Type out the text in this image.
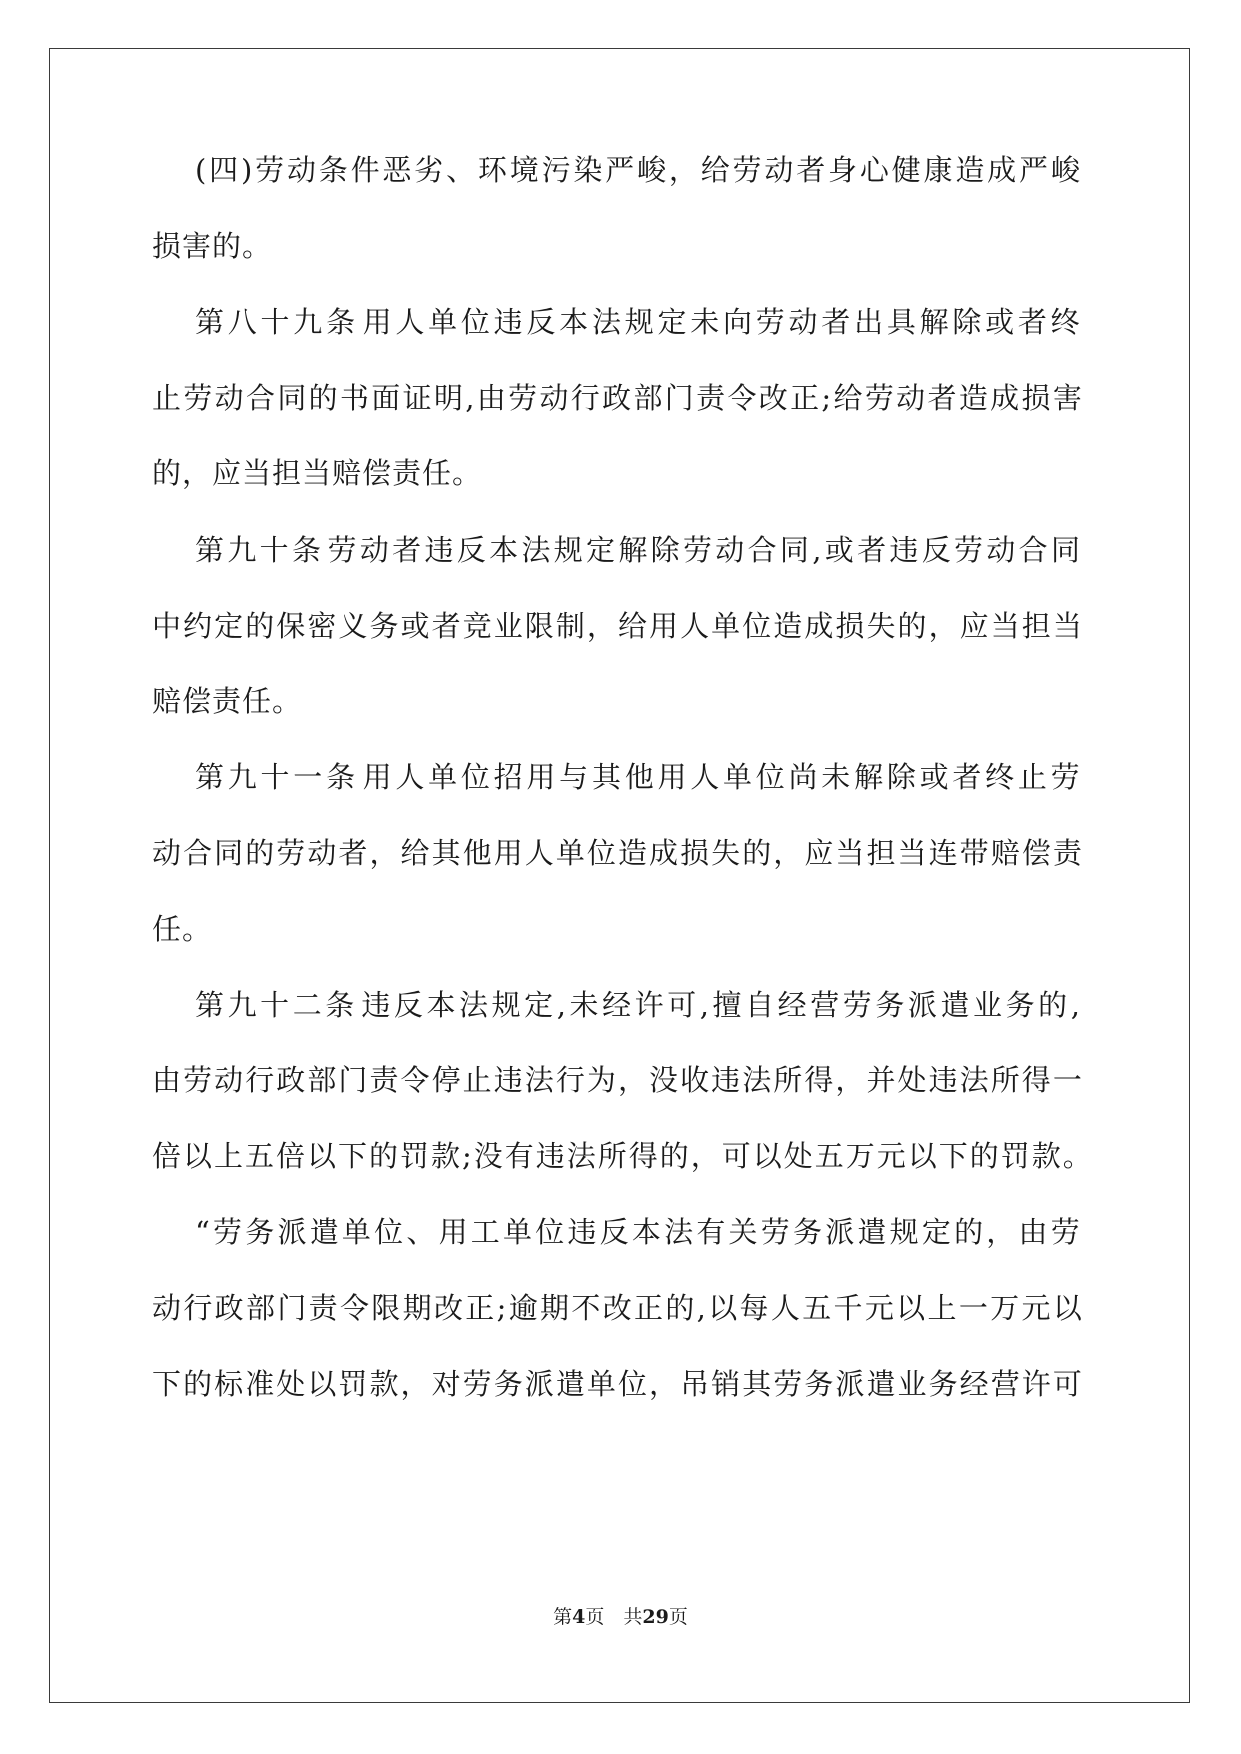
( 四 ) 劳 动 条 件 恶 劣 、 环 境 污 染 严 峻 ， 给 劳 动 者 身 心 健 康 造 成 严 峻

损害的。

第 八 十 九 条 用 人 单 位 违 反 本 法 规 定 未 向 劳 动 者 出 具 解 除 或 者 终

止 劳 动 合 同 的 书 面 证 明 , 由 劳 动 行 政 部 门 责 令 改 正 ; 给 劳 动 者 造 成 损 害

的，应当担当赔偿责任。

第 九 十 条 劳 动 者 违 反 本 法 规 定 解 除 劳 动 合 同 , 或 者 违 反 劳 动 合 同

中 约 定 的 保 密 义 务 或 者 竞 业 限 制 ， 给 用 人 单 位 造 成 损 失 的 ， 应 当 担 当

赔偿责任。

第 九 十 一 条 用 人 单 位 招 用 与 其 他 用 人 单 位 尚 未 解 除 或 者 终 止 劳

动 合 同 的 劳 动 者 ， 给 其 他 用 人 单 位 造 成 损 失 的 ， 应 当 担 当 连 带 赔 偿 责

任。

第 九 十 二 条 违 反 本 法 规 定 , 未 经 许 可 , 擅 自 经 营 劳 务 派 遣 业 务 的 ,

由 劳 动 行 政 部 门 责 令 停 止 违 法 行 为 ， 没 收 违 法 所 得 ， 并 处 违 法 所 得 一

倍 以 上 五 倍 以 下 的 罚 款 ; 没 有 违 法 所 得 的 ， 可 以 处 五 万 元 以 下 的 罚 款 。

“ 劳 务 派 遣 单 位 、 用 工 单 位 违 反 本 法 有 关 劳 务 派 遣 规 定 的 ， 由 劳

动 行 政 部 门 责 令 限 期 改 正 ; 逾 期 不 改 正 的 , 以 每 人 五 千 元 以 上 一 万 元 以

下 的 标 准 处 以 罚 款 ， 对 劳 务 派 遣 单 位 ， 吊 销 其 劳 务 派 遣 业 务 经 营 许 可

第4页　共29页
